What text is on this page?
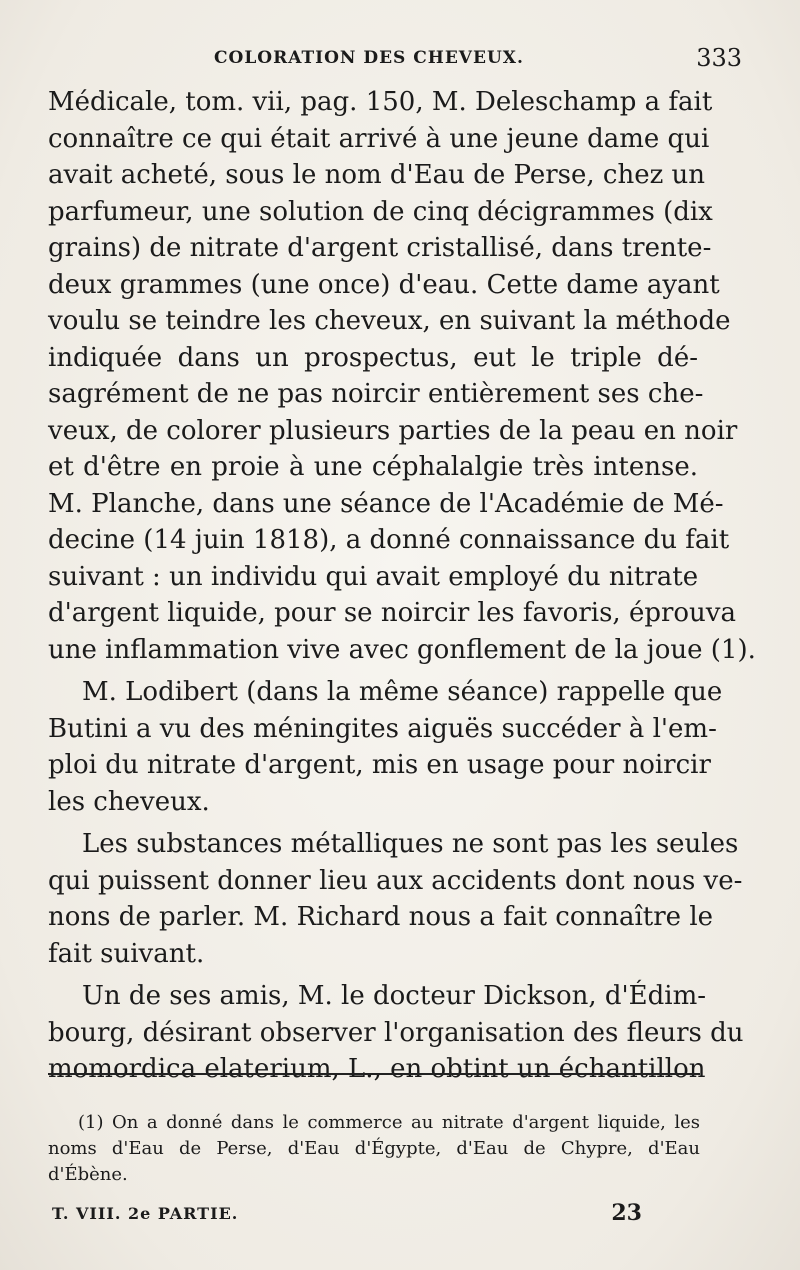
COLORATION DES CHEVEUX.	333

Médicale, tom. vii, pag. 150, M. Deleschamp a fait
connaître ce qui était arrivé à une jeune dame qui
avait acheté, sous le nom d'Eau de Perse, chez un
parfumeur, une solution de cinq décigrammes (dix
grains) de nitrate d'argent cristallisé, dans trente-
deux grammes (une once) d'eau. Cette dame ayant
voulu se teindre les cheveux, en suivant la méthode
indiquée dans un prospectus, eut le triple dé-
sagrément de ne pas noircir entièrement ses che-
veux, de colorer plusieurs parties de la peau en noir
et d'être en proie à une céphalalgie très intense.
M. Planche, dans une séance de l'Académie de Mé-
decine (14 juin 1818), a donné connaissance du fait
suivant : un individu qui avait employé du nitrate
d'argent liquide, pour se noircir les favoris, éprouva
une inflammation vive avec gonflement de la joue (1).

M. Lodibert (dans la même séance) rappelle que
Butini a vu des méningites aiguës succéder à l'em-
ploi du nitrate d'argent, mis en usage pour noircir
les cheveux.

Les substances métalliques ne sont pas les seules
qui puissent donner lieu aux accidents dont nous ve-
nons de parler. M. Richard nous a fait connaître le
fait suivant.

Un de ses amis, M. le docteur Dickson, d'Édim-
bourg, désirant observer l'organisation des fleurs du
momordica elaterium, L., en obtint un échantillon

(1) On a donné dans le commerce au nitrate d'argent liquide, les
noms d'Eau de Perse, d'Eau d'Égypte, d'Eau de Chypre, d'Eau
d'Ébène.
T. VIII. 2e PARTIE.	23
